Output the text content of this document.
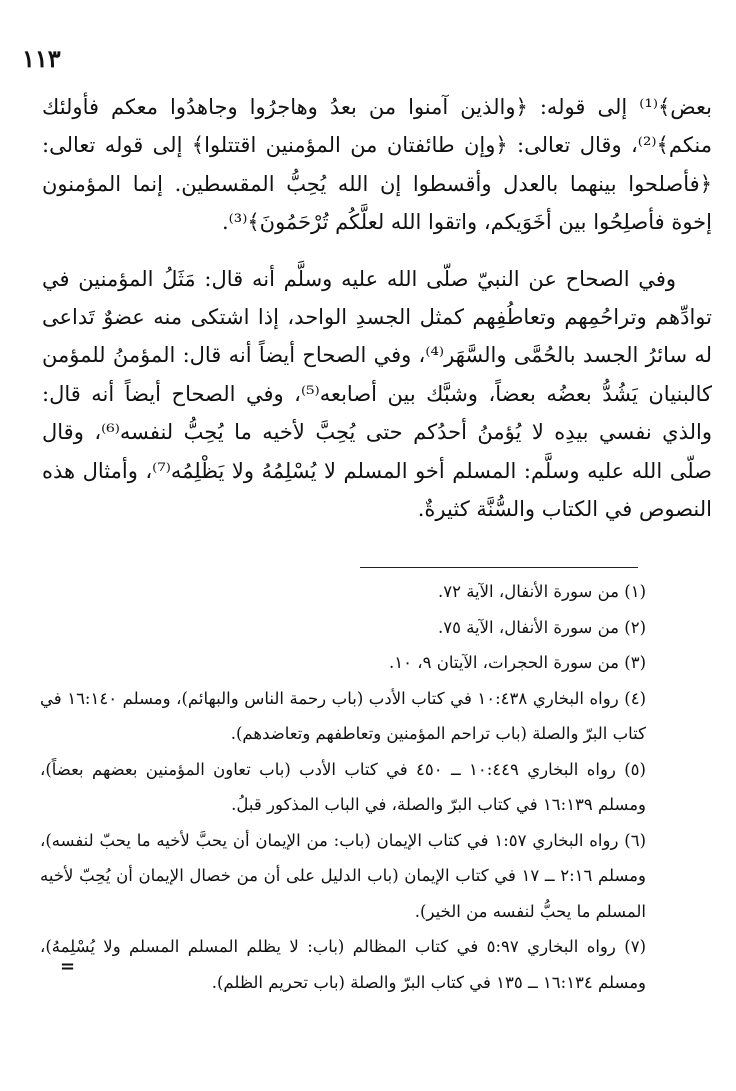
١١٣

بعض﴾⁽¹⁾ إلى قوله: ﴿والذين آمنوا من بعدُ وهاجرُوا وجاهدُوا معكم فأولئك منكم﴾⁽²⁾، وقال تعالى: ﴿وإن طائفتان من المؤمنين اقتتلوا﴾ إلى قوله تعالى: ﴿فأصلحوا بينهما بالعدل وأقسطوا إن الله يُحِبُّ المقسطين. إنما المؤمنون إخوة فأصلِحُوا بين أخَوَيكم، واتقوا الله لعلَّكُم تُرْحَمُونَ﴾⁽³⁾.

وفي الصحاح عن النبيّ صلّى الله عليه وسلَّم أنه قال: مَثَلُ المؤمنين في توادِّهم وتراحُمِهم وتعاطُفِهم كمثل الجسدِ الواحد، إذا اشتكى منه عضوٌ تَداعى له سائرُ الجسد بالحُمَّى والسَّهَر⁽⁴⁾، وفي الصحاح أيضاً أنه قال: المؤمنُ للمؤمن كالبنيان يَشُدُّ بعضُه بعضاً، وشبَّك بين أصابعه⁽⁵⁾، وفي الصحاح أيضاً أنه قال: والذي نفسي بيدِه لا يُؤمنُ أحدُكم حتى يُحِبَّ لأخيه ما يُحِبُّ لنفسه⁽⁶⁾، وقال صلّى الله عليه وسلَّم: المسلم أخو المسلم لا يُسْلِمُهُ ولا يَظْلِمُه⁽⁷⁾، وأمثال هذه النصوص في الكتاب والسُّنَّة كثيرةٌ.

(١) من سورة الأنفال، الآية ٧٢.

(٢) من سورة الأنفال، الآية ٧٥.

(٣) من سورة الحجرات، الآيتان ٩، ١٠.

(٤) رواه البخاري ١٠:٤٣٨ في كتاب الأدب (باب رحمة الناس والبهائم)، ومسلم ١٦:١٤٠ في كتاب البرّ والصلة (باب تراحم المؤمنين وتعاطفهم وتعاضدهم).

(٥) رواه البخاري ١٠:٤٤٩ ــ ٤٥٠ في كتاب الأدب (باب تعاون المؤمنين بعضهم بعضاً)، ومسلم ١٦:١٣٩ في كتاب البرّ والصلة، في الباب المذكور قبلُ.

(٦) رواه البخاري ١:٥٧ في كتاب الإيمان (باب: من الإيمان أن يحبَّ لأخيه ما يحبّ لنفسه)، ومسلم ٢:١٦ ــ ١٧ في كتاب الإيمان (باب الدليل على أن من خصال الإيمان أن يُحِبّ لأخيه المسلم ما يحبُّ لنفسه من الخير).

(٧) رواه البخاري ٥:٩٧ في كتاب المظالم (باب: لا يظلم المسلم المسلم ولا يُسْلِمهُ)، ومسلم ١٦:١٣٤ ــ ١٣٥ في كتاب البرّ والصلة (باب تحريم الظلم).

=
